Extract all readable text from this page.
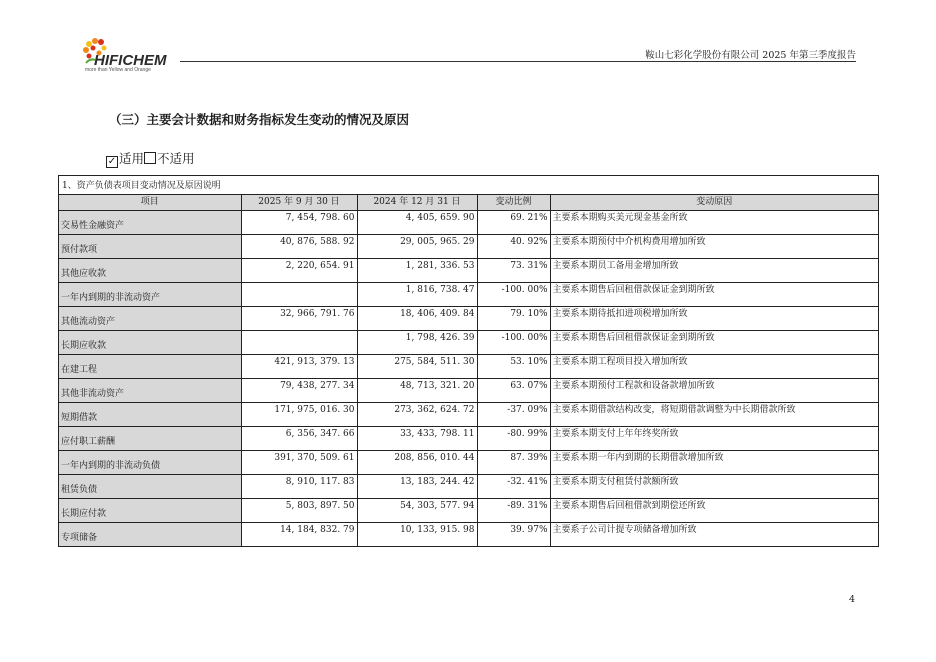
HIFICHEM
more than Yellow and Orange
鞍山七彩化学股份有限公司 2025 年第三季度报告
（三）主要会计数据和财务指标发生变动的情况及原因
✓ 适用 不适用
1、资产负债表项目变动情况及原因说明
项目	2025 年 9 月 30 日	2024 年 12 月 31 日	变动比例	变动原因
交易性金融资产	7, 454, 798. 60	4, 405, 659. 90	69. 21%	主要系本期购买美元现金基金所致
预付款项	40, 876, 588. 92	29, 005, 965. 29	40. 92%	主要系本期预付中介机构费用增加所致
其他应收款	2, 220, 654. 91	1, 281, 336. 53	73. 31%	主要系本期员工备用金增加所致
一年内到期的非流动资产		1, 816, 738. 47	-100. 00%	主要系本期售后回租借款保证金到期所致
其他流动资产	32, 966, 791. 76	18, 406, 409. 84	79. 10%	主要系本期待抵扣进项税增加所致
长期应收款		1, 798, 426. 39	-100. 00%	主要系本期售后回租借款保证金到期所致
在建工程	421, 913, 379. 13	275, 584, 511. 30	53. 10%	主要系本期工程项目投入增加所致
其他非流动资产	79, 438, 277. 34	48, 713, 321. 20	63. 07%	主要系本期预付工程款和设备款增加所致
短期借款	171, 975, 016. 30	273, 362, 624. 72	-37. 09%	主要系本期借款结构改变，将短期借款调整为中长期借款所致
应付职工薪酬	6, 356, 347. 66	33, 433, 798. 11	-80. 99%	主要系本期支付上年年终奖所致
一年内到期的非流动负债	391, 370, 509. 61	208, 856, 010. 44	87. 39%	主要系本期一年内到期的长期借款增加所致
租赁负债	8, 910, 117. 83	13, 183, 244. 42	-32. 41%	主要系本期支付租赁付款额所致
长期应付款	5, 803, 897. 50	54, 303, 577. 94	-89. 31%	主要系本期售后回租借款到期偿还所致
专项储备	14, 184, 832. 79	10, 133, 915. 98	39. 97%	主要系子公司计提专项储备增加所致
4
